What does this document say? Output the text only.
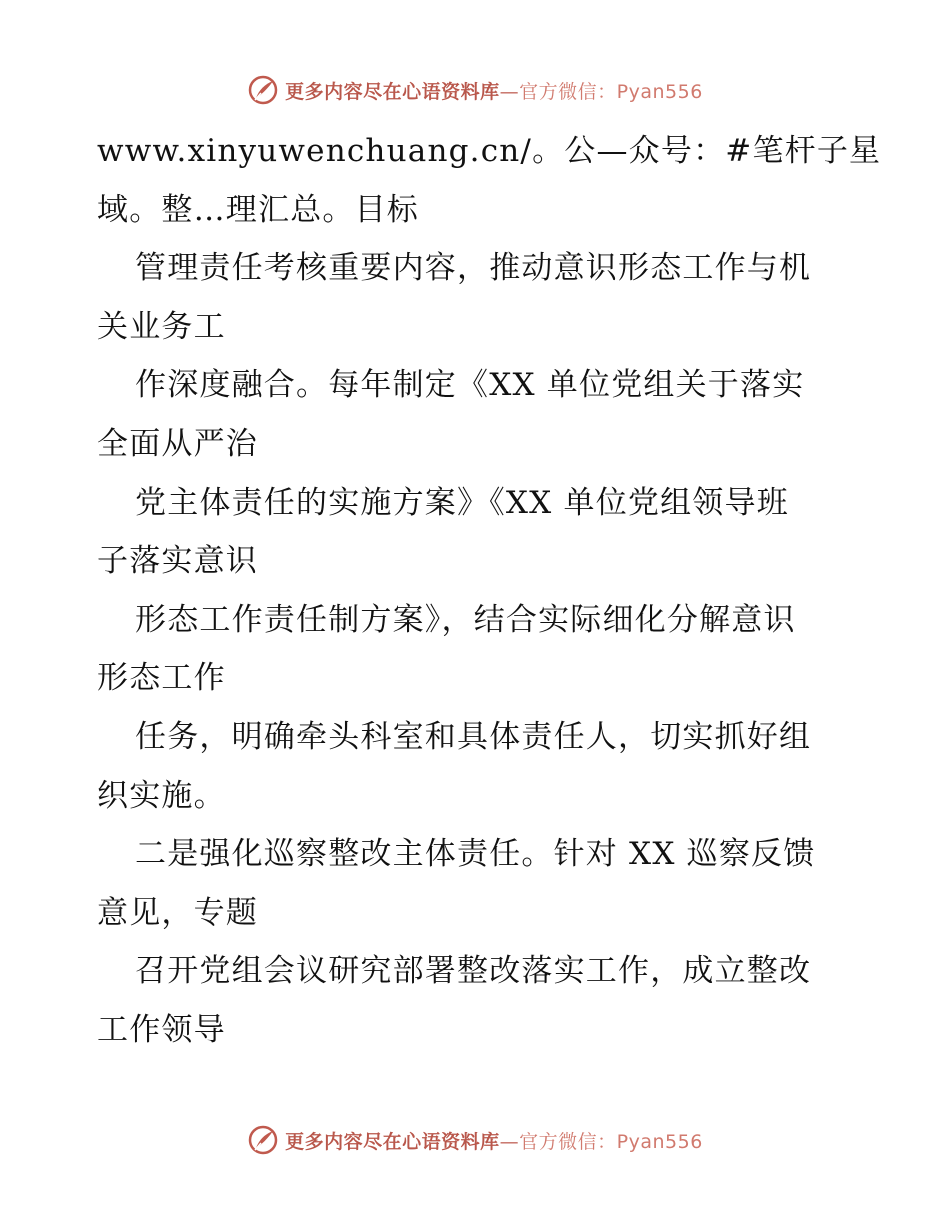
更多内容尽在心语资料库—官方微信：Pyan556
www.xinyuwenchuang.cn/。公—众号：#笔杆子星
域。整…理汇总。目标
管理责任考核重要内容，推动意识形态工作与机
关业务工
作深度融合。每年制定《XX 单位党组关于落实
全面从严治
党主体责任的实施方案》《XX 单位党组领导班
子落实意识
形态工作责任制方案》，结合实际细化分解意识
形态工作
任务，明确牵头科室和具体责任人，切实抓好组
织实施。
二是强化巡察整改主体责任。针对 XX 巡察反馈
意见，专题
召开党组会议研究部署整改落实工作，成立整改
工作领导
更多内容尽在心语资料库—官方微信：Pyan556
